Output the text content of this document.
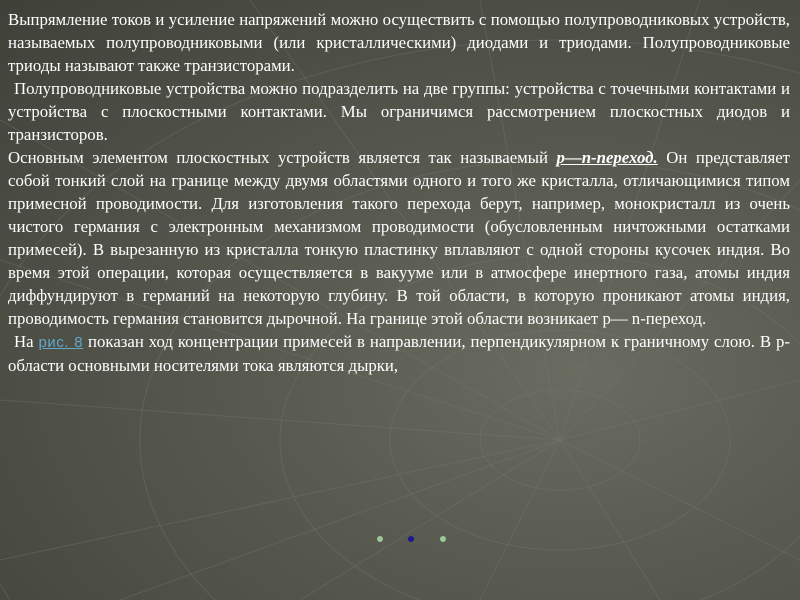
Выпрямление токов и усиление напряжений можно осуществить с помощью полупроводниковых устройств, называемых полупроводниковыми (или кристаллическими) диодами и триодами. Полупроводниковые триоды называют также транзисторами.

Полупроводниковые устройства можно подразделить на две группы: устройства с точечными контактами и устройства с плоскостными контактами. Мы ограничимся рассмотрением плоскостных диодов и транзисторов.

Основным элементом плоскостных устройств является так называемый p—n-переход. Он представляет собой тонкий слой на границе между двумя областями одного и того же кристалла, отличающимися типом примесной проводимости. Для изготовления такого перехода берут, например, монокристалл из очень чистого германия с электронным механизмом проводимости (обусловленным ничтожными остатками примесей). В вырезанную из кристалла тонкую пластинку вплавляют с одной стороны кусочек индия. Во время этой операции, которая осуществляется в вакууме или в атмосфере инертного газа, атомы индия диффундируют в германий на некоторую глубину. В той области, в которую проникают атомы индия, проводимость германия становится дырочной. На границе этой области возникает p— n-переход.

На рис. 8 показан ход концентрации примесей в направлении, перпендикулярном к граничному слою. В p-области основными носителями тока являются дырки,
